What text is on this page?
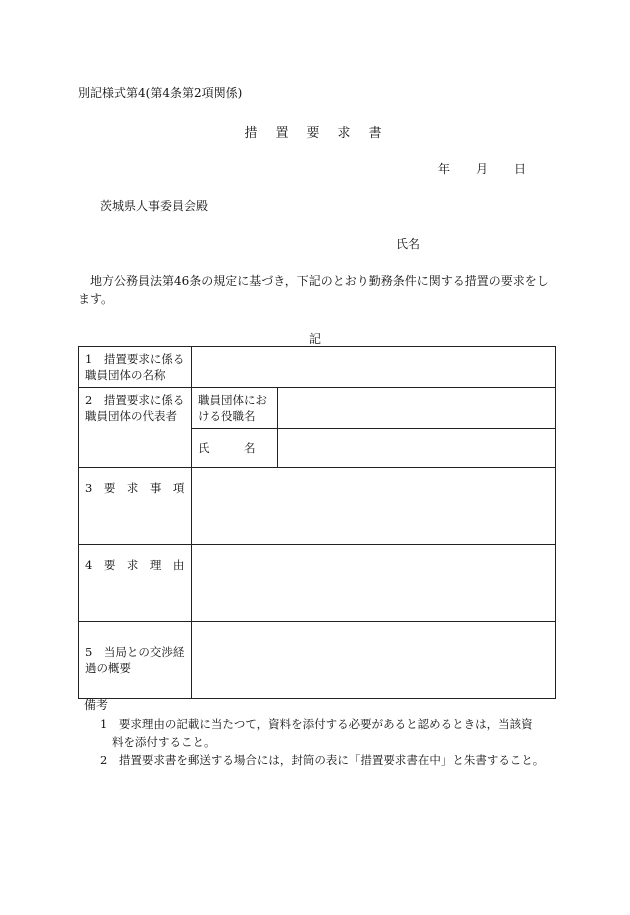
別記様式第4(第4条第2項関係)
措置要求書
年 月 日
茨城県人事委員会殿
氏名
地方公務員法第46条の規定に基づき，下記のとおり勤務条件に関する措置の要求をします。
記
1　措置要求に係る職員団体の名称		
2　措置要求に係る職員団体の代表者	職員団体における役職名	
	氏　　　名	
3　要　求　事　項		
4　要　求　理　由		
5　当局との交渉経過の概要		
備考
1　要求理由の記載に当たつて，資料を添付する必要があると認めるときは，当該資
料を添付すること。
2　措置要求書を郵送する場合には，封筒の表に「措置要求書在中」と朱書すること。
